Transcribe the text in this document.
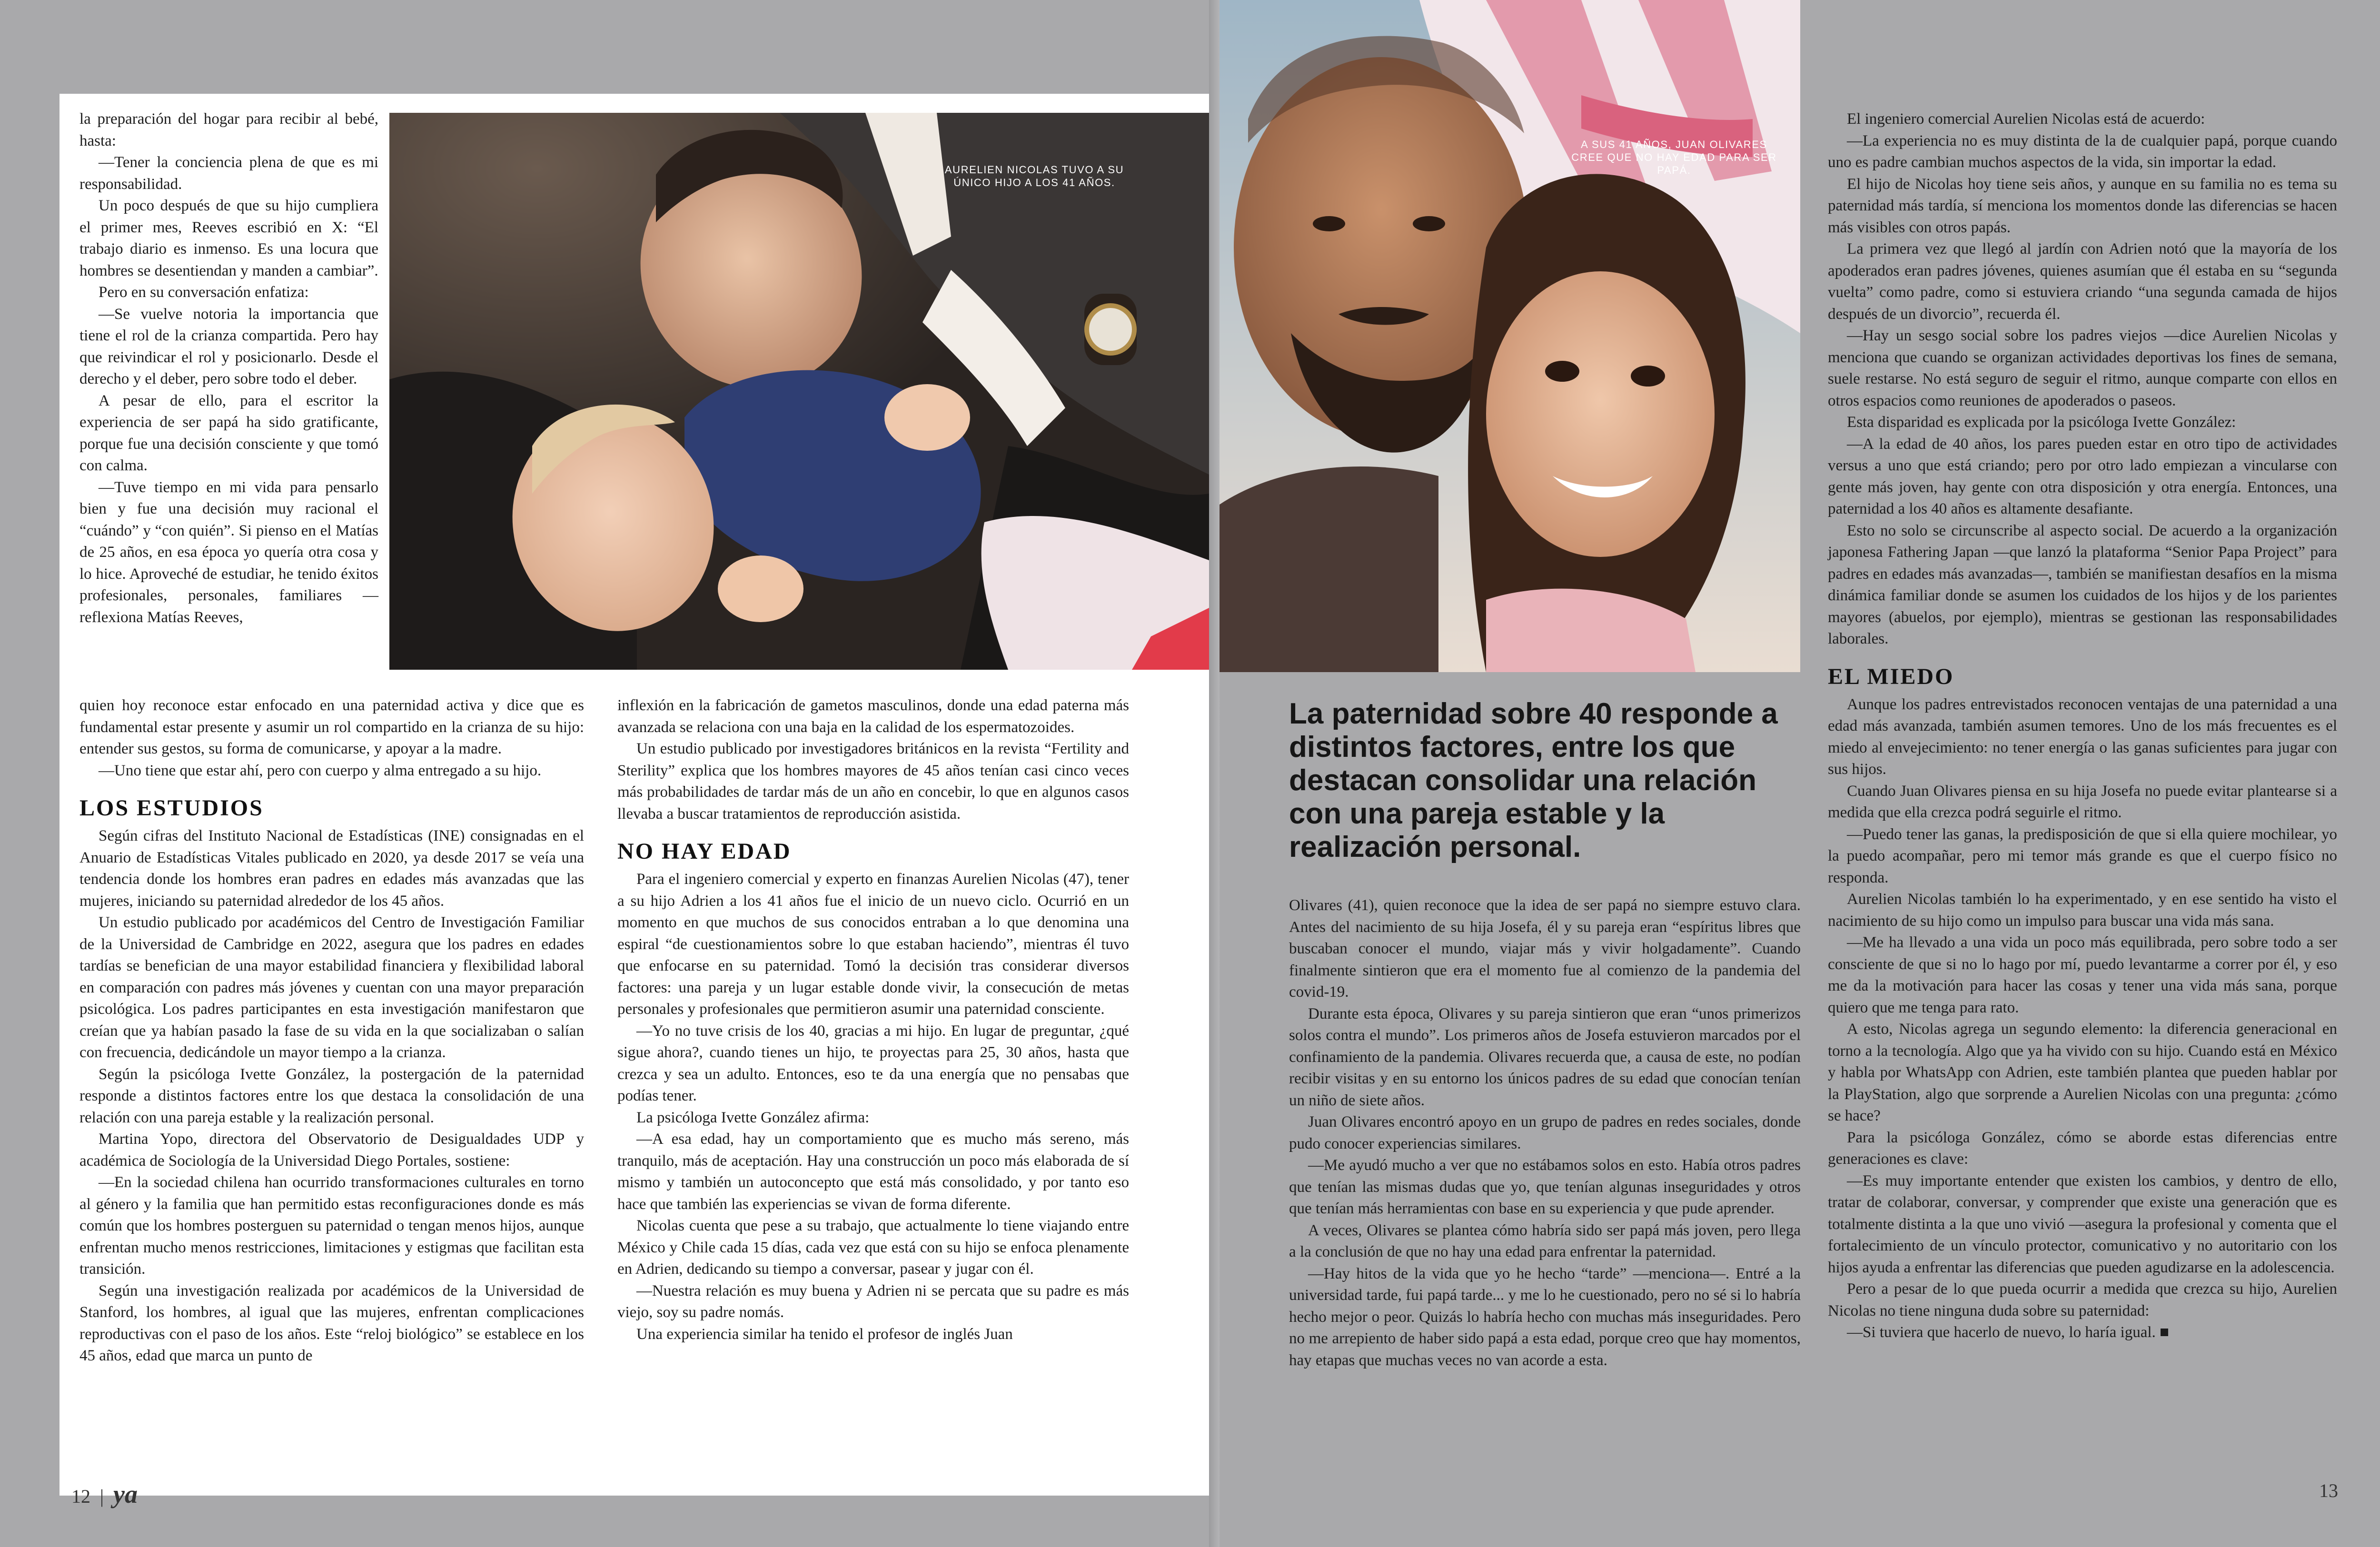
AURELIEN NICOLAS TUVO A SU ÚNICO HIJO A LOS 41 AÑOS.
A SUS 41 AÑOS, JUAN OLIVARES CREE QUE NO HAY EDAD PARA SER PAPÁ.

la preparación del hogar para recibir al bebé, hasta:

—Tener la conciencia plena de que es mi responsabilidad.

Un poco después de que su hijo cumpliera el primer mes, Reeves escribió en X: “El trabajo diario es inmenso. Es una locura que hombres se desentiendan y manden a cambiar”.

Pero en su conversación enfatiza:

—Se vuelve notoria la importancia que tiene el rol de la crianza compartida. Pero hay que reivindicar el rol y posicionarlo. Desde el derecho y el deber, pero sobre todo el deber.

A pesar de ello, para el escritor la experiencia de ser papá ha sido gratificante, porque fue una decisión consciente y que tomó con calma.

—Tuve tiempo en mi vida para pensarlo bien y fue una decisión muy racional el “cuándo” y “con quién”. Si pienso en el Matías de 25 años, en esa época yo quería otra cosa y lo hice. Aproveché de estudiar, he tenido éxitos profesionales, personales, familiares —reflexiona Matías Reeves,

quien hoy reconoce estar enfocado en una paternidad activa y dice que es fundamental estar presente y asumir un rol compartido en la crianza de su hijo: entender sus gestos, su forma de comunicarse, y apoyar a la madre.

—Uno tiene que estar ahí, pero con cuerpo y alma entregado a su hijo.

LOS ESTUDIOS

Según cifras del Instituto Nacional de Estadísticas (INE) consignadas en el Anuario de Estadísticas Vitales publicado en 2020, ya desde 2017 se veía una tendencia donde los hombres eran padres en edades más avanzadas que las mujeres, iniciando su paternidad alrededor de los 45 años.

Un estudio publicado por académicos del Centro de Investigación Familiar de la Universidad de Cambridge en 2022, asegura que los padres en edades tardías se benefician de una mayor estabilidad financiera y flexibilidad laboral en comparación con padres más jóvenes y cuentan con una mayor preparación psicológica. Los padres participantes en esta investigación manifestaron que creían que ya habían pasado la fase de su vida en la que socializaban o salían con frecuencia, dedicándole un mayor tiempo a la crianza.

Según la psicóloga Ivette González, la postergación de la paternidad responde a distintos factores entre los que destaca la consolidación de una relación con una pareja estable y la realización personal.

Martina Yopo, directora del Observatorio de Desigualdades UDP y académica de Sociología de la Universidad Diego Portales, sostiene:

—En la sociedad chilena han ocurrido transformaciones culturales en torno al género y la familia que han permitido estas reconfiguraciones donde es más común que los hombres posterguen su paternidad o tengan menos hijos, aunque enfrentan mucho menos restricciones, limitaciones y estigmas que facilitan esta transición.

Según una investigación realizada por académicos de la Universidad de Stanford, los hombres, al igual que las mujeres, enfrentan complicaciones reproductivas con el paso de los años. Este “reloj biológico” se establece en los 45 años, edad que marca un punto de

inflexión en la fabricación de gametos masculinos, donde una edad paterna más avanzada se relaciona con una baja en la calidad de los espermatozoides.

Un estudio publicado por investigadores británicos en la revista “Fertility and Sterility” explica que los hombres mayores de 45 años tenían casi cinco veces más probabilidades de tardar más de un año en concebir, lo que en algunos casos llevaba a buscar tratamientos de reproducción asistida.

NO HAY EDAD

Para el ingeniero comercial y experto en finanzas Aurelien Nicolas (47), tener a su hijo Adrien a los 41 años fue el inicio de un nuevo ciclo. Ocurrió en un momento en que muchos de sus conocidos entraban a lo que denomina una espiral “de cuestionamientos sobre lo que estaban haciendo”, mientras él tuvo que enfocarse en su paternidad. Tomó la decisión tras considerar diversos factores: una pareja y un lugar estable donde vivir, la consecución de metas personales y profesionales que permitieron asumir una paternidad consciente.

—Yo no tuve crisis de los 40, gracias a mi hijo. En lugar de preguntar, ¿qué sigue ahora?, cuando tienes un hijo, te proyectas para 25, 30 años, hasta que crezca y sea un adulto. Entonces, eso te da una energía que no pensabas que podías tener.

La psicóloga Ivette González afirma:

—A esa edad, hay un comportamiento que es mucho más sereno, más tranquilo, más de aceptación. Hay una construcción un poco más elaborada de sí mismo y también un autoconcepto que está más consolidado, y por tanto eso hace que también las experiencias se vivan de forma diferente.

Nicolas cuenta que pese a su trabajo, que actualmente lo tiene viajando entre México y Chile cada 15 días, cada vez que está con su hijo se enfoca plenamente en Adrien, dedicando su tiempo a conversar, pasear y jugar con él.

—Nuestra relación es muy buena y Adrien ni se percata que su padre es más viejo, soy su padre nomás.

Una experiencia similar ha tenido el profesor de inglés Juan

12 | ya
La paternidad sobre 40 responde a distintos factores, entre los que destacan consolidar una relación con una pareja estable y la realización personal.

Olivares (41), quien reconoce que la idea de ser papá no siempre estuvo clara. Antes del nacimiento de su hija Josefa, él y su pareja eran “espíritus libres que buscaban conocer el mundo, viajar más y vivir holgadamente”. Cuando finalmente sintieron que era el momento fue al comienzo de la pandemia del covid-19.

Durante esta época, Olivares y su pareja sintieron que eran “unos primerizos solos contra el mundo”. Los primeros años de Josefa estuvieron marcados por el confinamiento de la pandemia. Olivares recuerda que, a causa de este, no podían recibir visitas y en su entorno los únicos padres de su edad que conocían tenían un niño de siete años.

Juan Olivares encontró apoyo en un grupo de padres en redes sociales, donde pudo conocer experiencias similares.

—Me ayudó mucho a ver que no estábamos solos en esto. Había otros padres que tenían las mismas dudas que yo, que tenían algunas inseguridades y otros que tenían más herramientas con base en su experiencia y que pude aprender.

A veces, Olivares se plantea cómo habría sido ser papá más joven, pero llega a la conclusión de que no hay una edad para enfrentar la paternidad.

—Hay hitos de la vida que yo he hecho “tarde” —menciona—. Entré a la universidad tarde, fui papá tarde... y me lo he cuestionado, pero no sé si lo habría hecho mejor o peor. Quizás lo habría hecho con muchas más inseguridades. Pero no me arrepiento de haber sido papá a esta edad, porque creo que hay momentos, hay etapas que muchas veces no van acorde a esta.

El ingeniero comercial Aurelien Nicolas está de acuerdo:

—La experiencia no es muy distinta de la de cualquier papá, porque cuando uno es padre cambian muchos aspectos de la vida, sin importar la edad.

El hijo de Nicolas hoy tiene seis años, y aunque en su familia no es tema su paternidad más tardía, sí menciona los momentos donde las diferencias se hacen más visibles con otros papás.

La primera vez que llegó al jardín con Adrien notó que la mayoría de los apoderados eran padres jóvenes, quienes asumían que él estaba en su “segunda vuelta” como padre, como si estuviera criando “una segunda camada de hijos después de un divorcio”, recuerda él.

—Hay un sesgo social sobre los padres viejos —dice Aurelien Nicolas y menciona que cuando se organizan actividades deportivas los fines de semana, suele restarse. No está seguro de seguir el ritmo, aunque comparte con ellos en otros espacios como reuniones de apoderados o paseos.

Esta disparidad es explicada por la psicóloga Ivette González:

—A la edad de 40 años, los pares pueden estar en otro tipo de actividades versus a uno que está criando; pero por otro lado empiezan a vincularse con gente más joven, hay gente con otra disposición y otra energía. Entonces, una paternidad a los 40 años es altamente desafiante.

Esto no solo se circunscribe al aspecto social. De acuerdo a la organización japonesa Fathering Japan —que lanzó la plataforma “Senior Papa Project” para padres en edades más avanzadas—, también se manifiestan desafíos en la misma dinámica familiar donde se asumen los cuidados de los hijos y de los parientes mayores (abuelos, por ejemplo), mientras se gestionan las responsabilidades laborales.

EL MIEDO

Aunque los padres entrevistados reconocen ventajas de una paternidad a una edad más avanzada, también asumen temores. Uno de los más frecuentes es el miedo al envejecimiento: no tener energía o las ganas suficientes para jugar con sus hijos.

Cuando Juan Olivares piensa en su hija Josefa no puede evitar plantearse si a medida que ella crezca podrá seguirle el ritmo.

—Puedo tener las ganas, la predisposición de que si ella quiere mochilear, yo la puedo acompañar, pero mi temor más grande es que el cuerpo físico no responda.

Aurelien Nicolas también lo ha experimentado, y en ese sentido ha visto el nacimiento de su hijo como un impulso para buscar una vida más sana.

—Me ha llevado a una vida un poco más equilibrada, pero sobre todo a ser consciente de que si no lo hago por mí, puedo levantarme a correr por él, y eso me da la motivación para hacer las cosas y tener una vida más sana, porque quiero que me tenga para rato.

A esto, Nicolas agrega un segundo elemento: la diferencia generacional en torno a la tecnología. Algo que ya ha vivido con su hijo. Cuando está en México y habla por WhatsApp con Adrien, este también plantea que pueden hablar por la PlayStation, algo que sorprende a Aurelien Nicolas con una pregunta: ¿cómo se hace?

Para la psicóloga González, cómo se aborde estas diferencias entre generaciones es clave:

—Es muy importante entender que existen los cambios, y dentro de ello, tratar de colaborar, conversar, y comprender que existe una generación que es totalmente distinta a la que uno vivió —asegura la profesional y comenta que el fortalecimiento de un vínculo protector, comunicativo y no autoritario con los hijos ayuda a enfrentar las diferencias que pueden agudizarse en la adolescencia.

Pero a pesar de lo que pueda ocurrir a medida que crezca su hijo, Aurelien Nicolas no tiene ninguna duda sobre su paternidad:

—Si tuviera que hacerlo de nuevo, lo haría igual. ■

13
